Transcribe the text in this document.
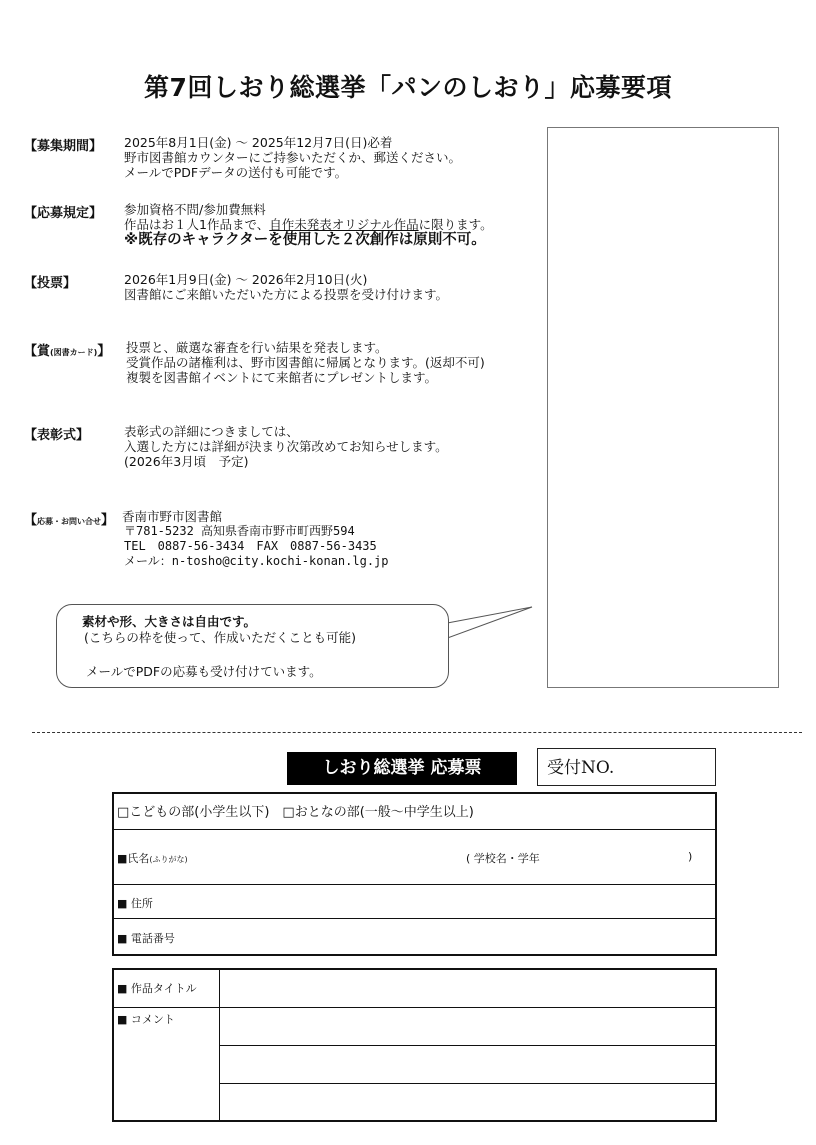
第7回しおり総選挙「パンのしおり」応募要項
【募集期間】 2025年8月1日(金) ～ 2025年12月7日(日)必着
野市図書館カウンターにご持参いただくか、郵送ください。
メールでPDFデータの送付も可能です。
【応募規定】 参加資格不問/参加費無料
作品はお１人1作品まで、自作未発表オリジナル作品に限ります。
※既存のキャラクターを使用した２次創作は原則不可。
【投票】	2026年1月9日(金) ～ 2026年2月10日(火)
図書館にご来館いただいた方による投票を受け付けます。
【賞(図書カード)】 投票と、厳選な審査を行い結果を発表します。
受賞作品の諸権利は、野市図書館に帰属となります。(返却不可)
複製を図書館イベントにて来館者にプレゼントします。
【表彰式】	表彰式の詳細につきましては、
入選した方には詳細が決まり次第改めてお知らせします。
(2026年3月頃　予定)
【応募・お問い合せ】 香南市野市図書館
〒781-5232 高知県香南市野市町西野594
TEL　0887-56-3434　FAX　0887-56-3435
メール：n-tosho@city.kochi-konan.lg.jp
素材や形、大きさは自由です。
(こちらの枠を使って、作成いただくことも可能)
メールでPDFの応募も受け付けています。
しおり総選挙 応募票	受付NO.
□こどもの部(小学生以下)　□おとなの部(一般～中学生以上)
■氏名(ふりがな)	( 学校名・学年	)
■ 住所
■ 電話番号
■ 作品タイトル
■ コメント
